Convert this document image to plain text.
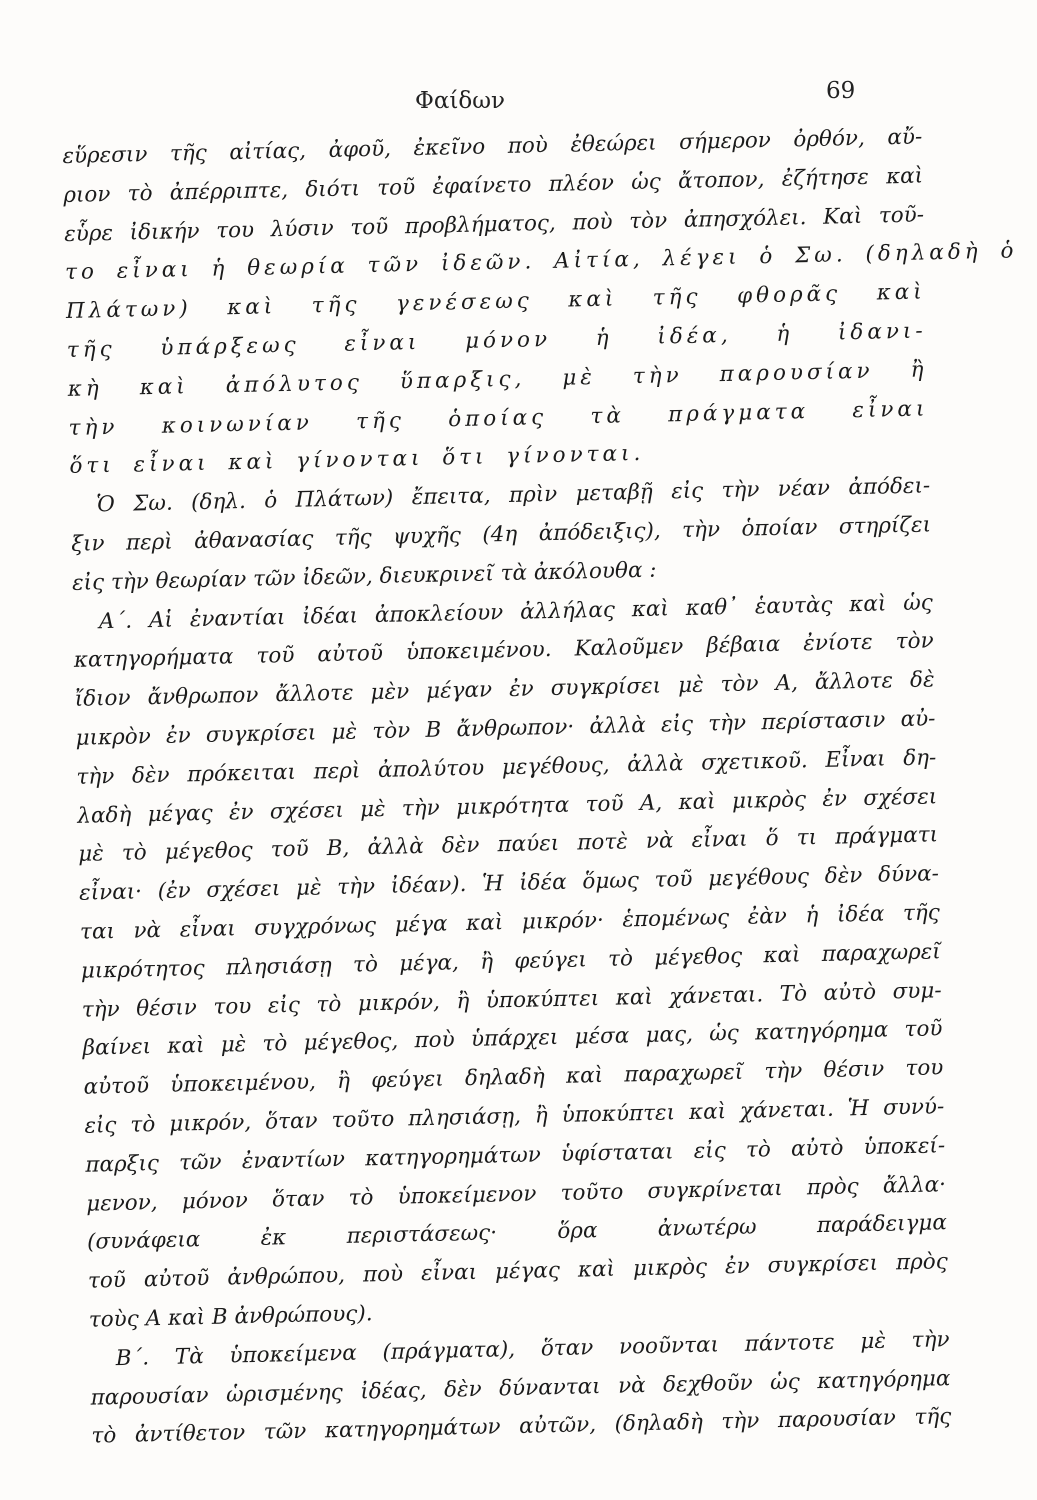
Φαίδων	69
εὕρεσιν τῆς αἰτίας, ἀφοῦ, ἐκεῖνο ποὺ ἐθεώρει σήμερον ὀρθόν, αὔ-
ριον τὸ ἀπέρριπτε, διότι τοῦ ἐφαίνετο πλέον ὡς ἄτοπον, ἐζήτησε καὶ
εὗρε ἰδικήν του λύσιν τοῦ προβλήματος, ποὺ τὸν ἀπησχόλει. Καὶ τοῦ-
το εἶναι ἡ θεωρία τῶν ἰδεῶν. Αἰτία, λέγει ὁ Σω. (δηλαδὴ ὁ
Πλάτων) καὶ τῆς γενέσεως καὶ τῆς φθορᾶς καὶ
τῆς ὑπάρξεως εἶναι μόνον ἡ ἰδέα, ἡ ἰδανι-
κὴ καὶ ἀπόλυτος ὕπαρξις, μὲ τὴν παρουσίαν ἢ
τὴν κοινωνίαν τῆς ὁποίας τὰ πράγματα εἶναι
ὅτι εἶναι καὶ γίνονται ὅτι γίνονται.
Ὁ Σω. (δηλ. ὁ Πλάτων) ἔπειτα, πρὶν μεταβῇ εἰς τὴν νέαν ἀπόδει-
ξιν περὶ ἀθανασίας τῆς ψυχῆς (4η ἀπόδειξις), τὴν ὁποίαν στηρίζει
εἰς τὴν θεωρίαν τῶν ἰδεῶν, διευκρινεῖ τὰ ἀκόλουθα :
Α΄. Αἱ ἐναντίαι ἰδέαι ἀποκλείουν ἀλλήλας καὶ καθ᾽ ἑαυτὰς καὶ ὡς
κατηγορήματα τοῦ αὐτοῦ ὑποκειμένου. Καλοῦμεν βέβαια ἐνίοτε τὸν
ἴδιον ἄνθρωπον ἄλλοτε μὲν μέγαν ἐν συγκρίσει μὲ τὸν Α, ἄλλοτε δὲ
μικρὸν ἐν συγκρίσει μὲ τὸν Β ἄνθρωπον· ἀλλὰ εἰς τὴν περίστασιν αὐ-
τὴν δὲν πρόκειται περὶ ἀπολύτου μεγέθους, ἀλλὰ σχετικοῦ. Εἶναι δη-
λαδὴ μέγας ἐν σχέσει μὲ τὴν μικρότητα τοῦ Α, καὶ μικρὸς ἐν σχέσει
μὲ τὸ μέγεθος τοῦ Β, ἀλλὰ δὲν παύει ποτὲ νὰ εἶναι ὅ τι πράγματι
εἶναι· (ἐν σχέσει μὲ τὴν ἰδέαν). Ἡ ἰδέα ὅμως τοῦ μεγέθους δὲν δύνα-
ται νὰ εἶναι συγχρόνως μέγα καὶ μικρόν· ἑπομένως ἐὰν ἡ ἰδέα τῆς
μικρότητος πλησιάσῃ τὸ μέγα, ἢ φεύγει τὸ μέγεθος καὶ παραχωρεῖ
τὴν θέσιν του εἰς τὸ μικρόν, ἢ ὑποκύπτει καὶ χάνεται. Τὸ αὐτὸ συμ-
βαίνει καὶ μὲ τὸ μέγεθος, ποὺ ὑπάρχει μέσα μας, ὡς κατηγόρημα τοῦ
αὐτοῦ ὑποκειμένου, ἢ φεύγει δηλαδὴ καὶ παραχωρεῖ τὴν θέσιν του
εἰς τὸ μικρόν, ὅταν τοῦτο πλησιάσῃ, ἢ ὑποκύπτει καὶ χάνεται. Ἡ συνύ-
παρξις τῶν ἐναντίων κατηγορημάτων ὑφίσταται εἰς τὸ αὐτὸ ὑποκεί-
μενον, μόνον ὅταν τὸ ὑποκείμενον τοῦτο συγκρίνεται πρὸς ἄλλα·
(συνάφεια ἐκ περιστάσεως· ὅρα ἀνωτέρω παράδειγμα
τοῦ αὐτοῦ ἀνθρώπου, ποὺ εἶναι μέγας καὶ μικρὸς ἐν συγκρίσει πρὸς
τοὺς Α καὶ Β ἀνθρώπους).
Β΄. Τὰ ὑποκείμενα (πράγματα), ὅταν νοοῦνται πάντοτε μὲ τὴν
παρουσίαν ὡρισμένης ἰδέας, δὲν δύνανται νὰ δεχθοῦν ὡς κατηγόρημα
τὸ ἀντίθετον τῶν κατηγορημάτων αὐτῶν, (δηλαδὴ τὴν παρουσίαν τῆς
